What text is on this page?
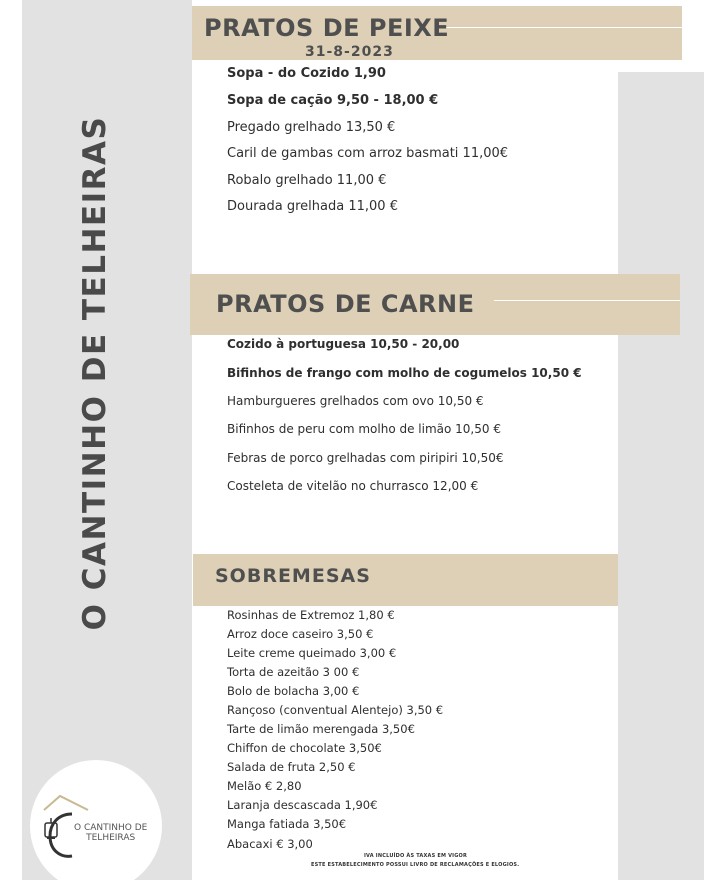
O CANTINHO DE TELHEIRAS
PRATOS DE PEIXE
31-8-2023
Sopa - do Cozido 1,90
Sopa de cação 9,50 - 18,00 €
Pregado grelhado 13,50 €
Caril de gambas com arroz basmati 11,00€
Robalo grelhado 11,00 €
Dourada grelhada 11,00 €
PRATOS DE CARNE
Cozido à portuguesa 10,50 - 20,00
Bifinhos de frango com molho de cogumelos 10,50 €
Hamburgueres grelhados com ovo 10,50 €
Bifinhos de peru com molho de limão 10,50 €
Febras de porco grelhadas com piripiri 10,50€
Costeleta de vitelão no churrasco 12,00 €
SOBREMESAS
Rosinhas de Extremoz 1,80 €
Arroz doce caseiro 3,50 €
Leite creme queimado 3,00 €
Torta de azeitão 3 00 €
Bolo de bolacha 3,00 €
Rançoso (conventual Alentejo) 3,50 €
Tarte de limão merengada 3,50€
Chiffon de chocolate 3,50€
Salada de fruta 2,50 €
Melão € 2,80
Laranja descascada 1,90€
Manga fatiada 3,50€
Abacaxi € 3,00
IVA INCLUÍDO ÀS TAXAS EM VIGOR
ESTE ESTABELECIMENTO POSSUI LIVRO DE RECLAMAÇÕES E ELOGIOS.
O CANTINHO DE
TELHEIRAS
